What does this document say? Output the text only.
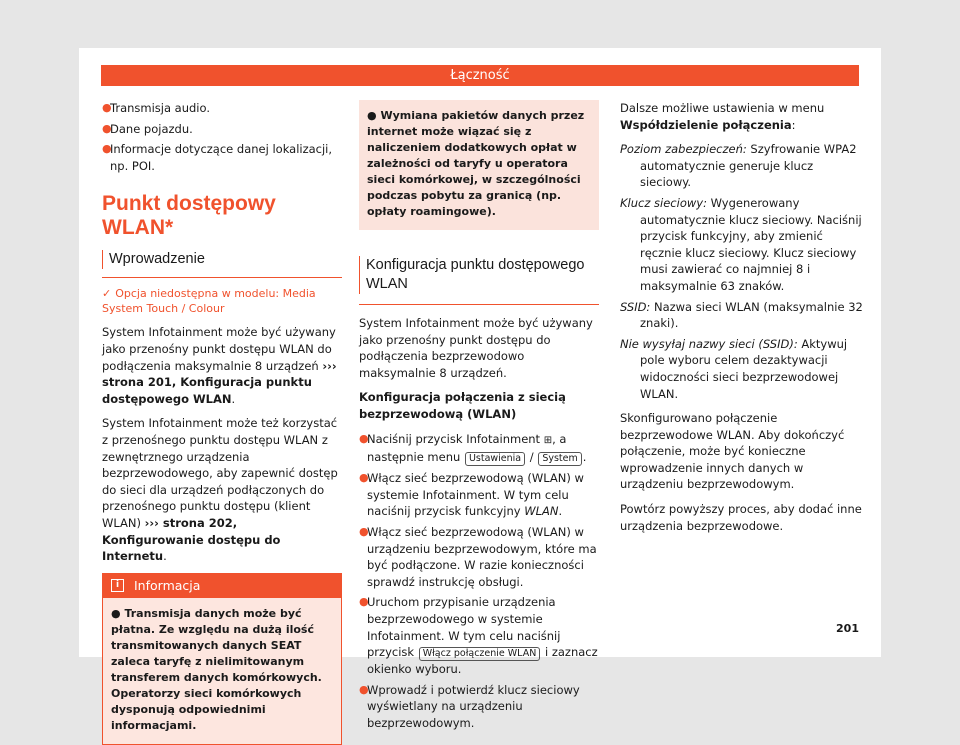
Łączność
●
Transmisja audio.
●
Dane pojazdu.
●
Informacje dotyczące danej lokalizacji, np. POI.
Punkt dostępowy WLAN*
Wprowadzenie
✓ Opcja niedostępna w modelu: Media System Touch / Colour

System Infotainment może być używany jako przenośny punkt dostępu WLAN do podłączenia maksymalnie 8 urządzeń ››› strona 201, Konfiguracja punktu dostępowego WLAN.

System Infotainment może też korzystać z przenośnego punktu dostępu WLAN z zewnętrznego urządzenia bezprzewodowego, aby zapewnić dostęp do sieci dla urządzeń podłączonych do przenośnego punktu dostępu (klient WLAN) ››› strona 202, Konfigurowanie dostępu do Internetu.

i	Informacja
● Transmisja danych może być płatna. Ze względu na dużą ilość transmitowanych danych SEAT zaleca taryfę z nielimitowanym transferem danych komórkowych. Operatorzy sieci komórkowych dysponują odpowiednimi informacjami.
● Wymiana pakietów danych przez internet może wiązać się z naliczeniem dodatkowych opłat w zależności od taryfy u operatora sieci komórkowej, w szczególności podczas pobytu za granicą (np. opłaty roamingowe).
Konfiguracja punktu dostępowego WLAN

System Infotainment może być używany jako przenośny punkt dostępu do podłączenia bezprzewodowo maksymalnie 8 urządzeń.

Konfiguracja połączenia z siecią bezprzewodową (WLAN)

●
Naciśnij przycisk Infotainment ⊞, a następnie menu Ustawienia / System .
●
Włącz sieć bezprzewodową (WLAN) w systemie Infotainment. W tym celu naciśnij przycisk funkcyjny WLAN.
●
Włącz sieć bezprzewodową (WLAN) w urządzeniu bezprzewodowym, które ma być podłączone. W razie konieczności sprawdź instrukcję obsługi.
●
Uruchom przypisanie urządzenia bezprzewodowego w systemie Infotainment. W tym celu naciśnij przycisk Włącz połączenie WLAN i zaznacz okienko wyboru.
●
Wprowadź i potwierdź klucz sieciowy wyświetlany na urządzeniu bezprzewodowym.

Dalsze możliwe ustawienia w menu Współdzielenie połączenia:

Poziom zabezpieczeń: Szyfrowanie WPA2 automatycznie generuje klucz sieciowy.
Klucz sieciowy: Wygenerowany automatycznie klucz sieciowy. Naciśnij przycisk funkcyjny, aby zmienić ręcznie klucz sieciowy. Klucz sieciowy musi zawierać co najmniej 8 i maksymalnie 63 znaków.
SSID: Nazwa sieci WLAN (maksymalnie 32 znaki).
Nie wysyłaj nazwy sieci (SSID): Aktywuj pole wyboru celem dezaktywacji widoczności sieci bezprzewodowej WLAN.

Skonfigurowano połączenie bezprzewodowe WLAN. Aby dokończyć połączenie, może być konieczne wprowadzenie innych danych w urządzeniu bezprzewodowym.

Powtórz powyższy proces, aby dodać inne urządzenia bezprzewodowe.

201
